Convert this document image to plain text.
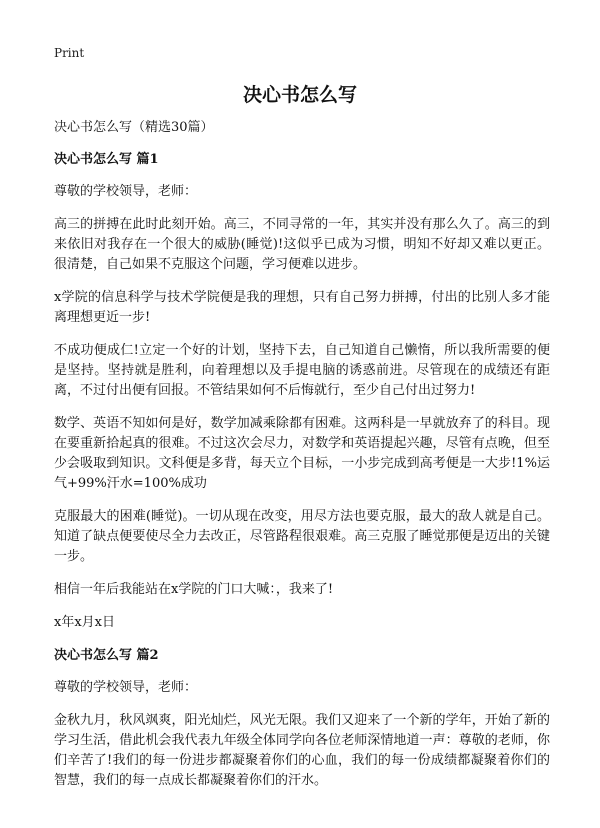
Print
决心书怎么写

决心书怎么写（精选30篇）

决心书怎么写 篇1

尊敬的学校领导，老师：

高三的拼搏在此时此刻开始。高三，不同寻常的一年，其实并没有那么久了。高三的到来依旧对我存在一个很大的威胁(睡觉)!这似乎已成为习惯，明知不好却又难以更正。很清楚，自己如果不克服这个问题，学习便难以进步。

x学院的信息科学与技术学院便是我的理想，只有自己努力拼搏，付出的比别人多才能离理想更近一步!

不成功便成仁!立定一个好的计划，坚持下去，自己知道自己懒惰，所以我所需要的便是坚持。坚持就是胜利，向着理想以及手提电脑的诱惑前进。尽管现在的成绩还有距离，不过付出便有回报。不管结果如何不后悔就行，至少自己付出过努力!

数学、英语不知如何是好，数学加减乘除都有困难。这两科是一早就放弃了的科目。现在要重新拾起真的很难。不过这次会尽力，对数学和英语提起兴趣，尽管有点晚，但至少会吸取到知识。文科便是多背，每天立个目标，一小步完成到高考便是一大步!1%运气+99%汗水=100%成功

克服最大的困难(睡觉)。一切从现在改变，用尽方法也要克服，最大的敌人就是自己。知道了缺点便要使尽全力去改正，尽管路程很艰难。高三克服了睡觉那便是迈出的关键一步。

相信一年后我能站在x学院的门口大喊：，我来了!

x年x月x日

决心书怎么写 篇2

尊敬的学校领导，老师：

金秋九月，秋风飒爽，阳光灿烂，风光无限。我们又迎来了一个新的学年，开始了新的学习生活，借此机会我代表九年级全体同学向各位老师深情地道一声：尊敬的老师，你们辛苦了!我们的每一份进步都凝聚着你们的心血，我们的每一份成绩都凝聚着你们的智慧，我们的每一点成长都凝聚着你们的汗水。
